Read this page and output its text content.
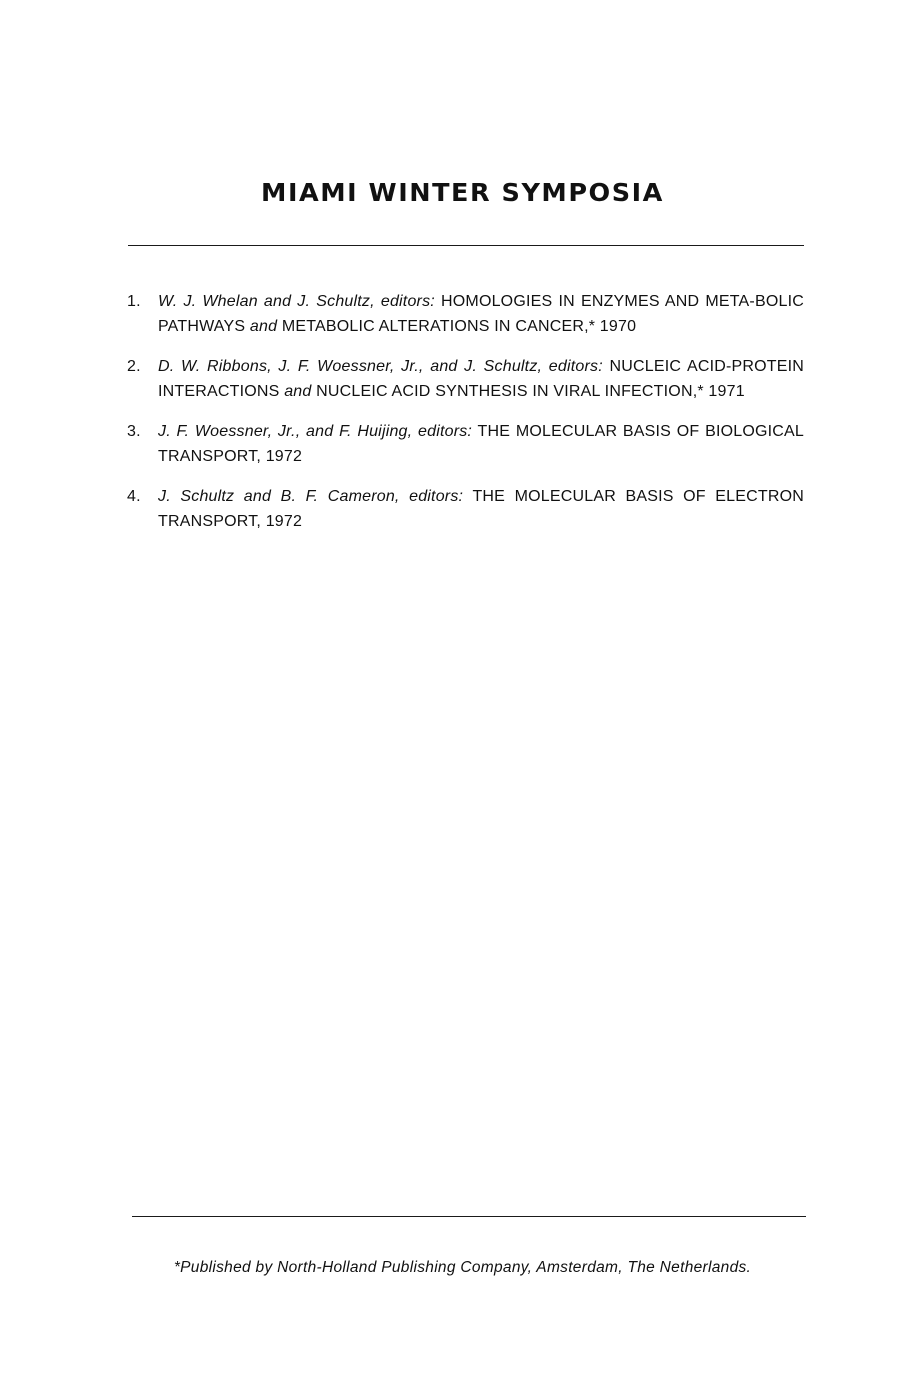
MIAMI WINTER SYMPOSIA
1. W. J. Whelan and J. Schultz, editors: HOMOLOGIES IN ENZYMES AND META-BOLIC PATHWAYS and METABOLIC ALTERATIONS IN CANCER,* 1970
2. D. W. Ribbons, J. F. Woessner, Jr., and J. Schultz, editors: NUCLEIC ACID-PROTEIN INTERACTIONS and NUCLEIC ACID SYNTHESIS IN VIRAL INFECTION,* 1971
3. J. F. Woessner, Jr., and F. Huijing, editors: THE MOLECULAR BASIS OF BIOLOGICAL TRANSPORT, 1972
4. J. Schultz and B. F. Cameron, editors: THE MOLECULAR BASIS OF ELECTRON TRANSPORT, 1972
*Published by North-Holland Publishing Company, Amsterdam, The Netherlands.
